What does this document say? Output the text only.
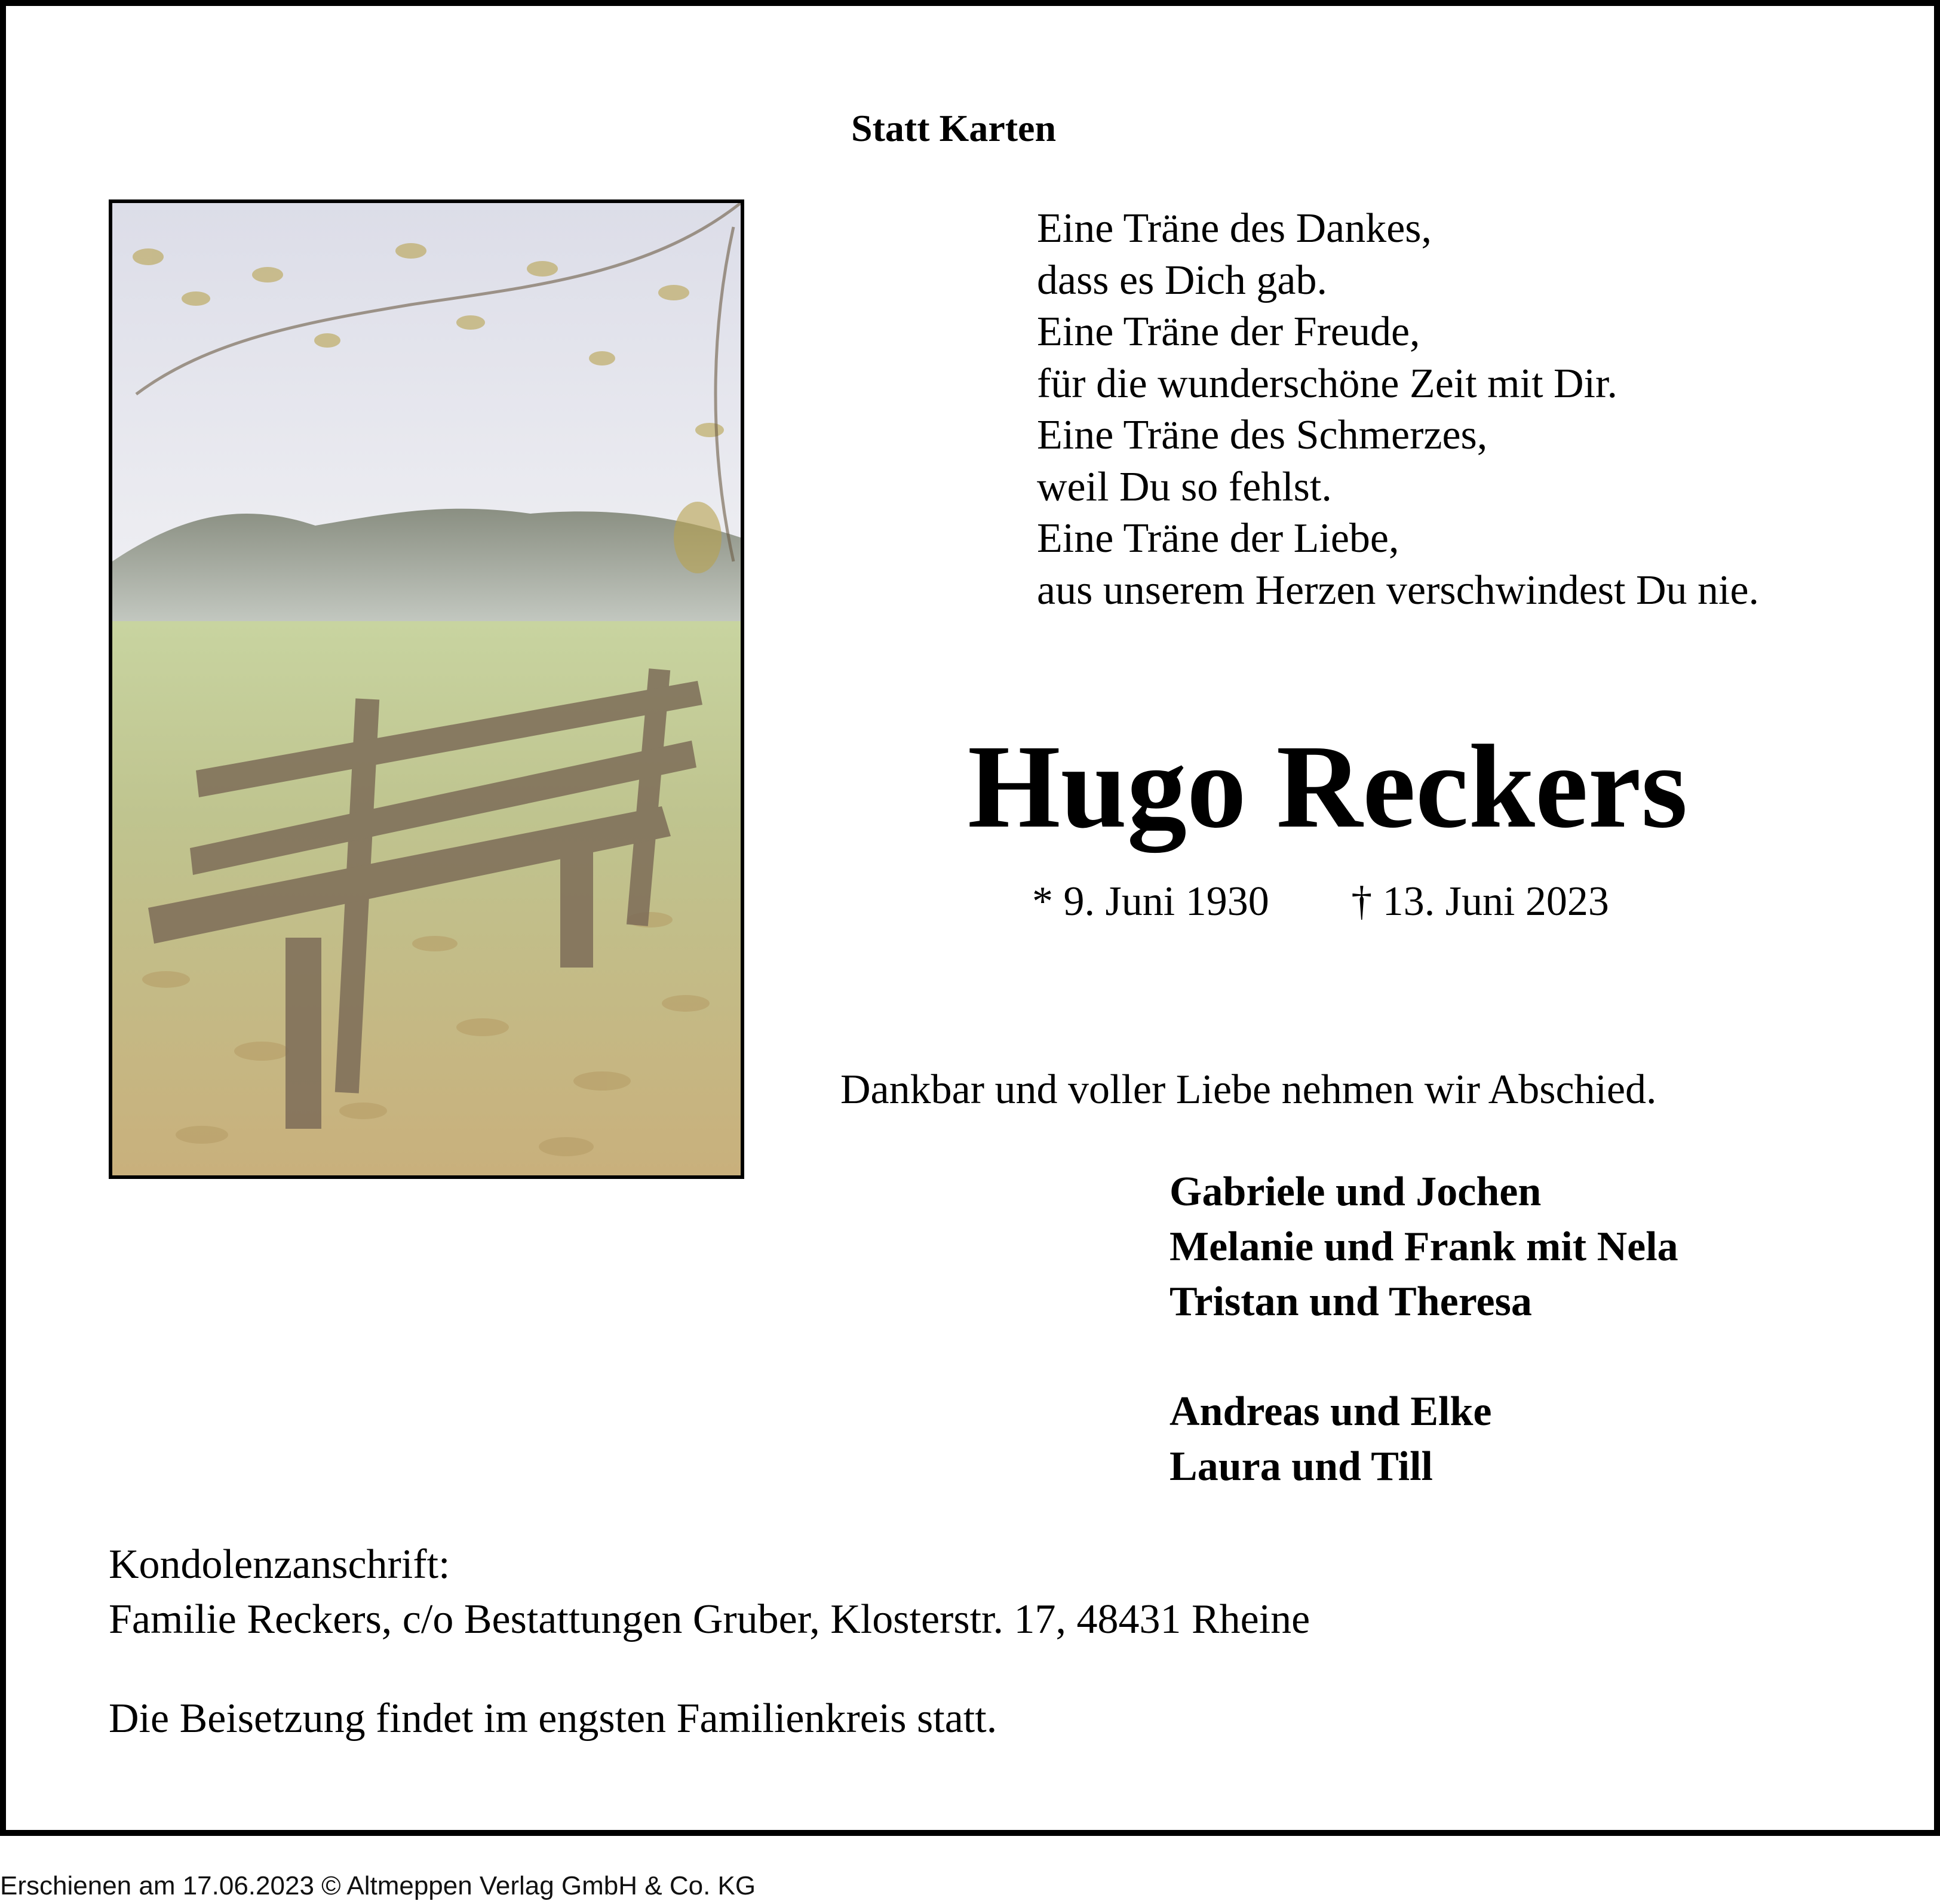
Statt Karten
Eine Träne des Dankes,
dass es Dich gab.
Eine Träne der Freude,
für die wunderschöne Zeit mit Dir.
Eine Träne des Schmerzes,
weil Du so fehlst.
Eine Träne der Liebe,
aus unserem Herzen verschwindest Du nie.
Hugo Reckers
* 9. Juni 1930 † 13. Juni 2023
Dankbar und voller Liebe nehmen wir Abschied.
Gabriele und Jochen
Melanie und Frank mit Nela
Tristan und Theresa
Andreas und Elke
Laura und Till
Kondolenzanschrift:
Familie Reckers, c/o Bestattungen Gruber, Klosterstr. 17, 48431 Rheine
Die Beisetzung findet im engsten Familienkreis statt.
Erschienen am 17.06.2023 © Altmeppen Verlag GmbH & Co. KG
